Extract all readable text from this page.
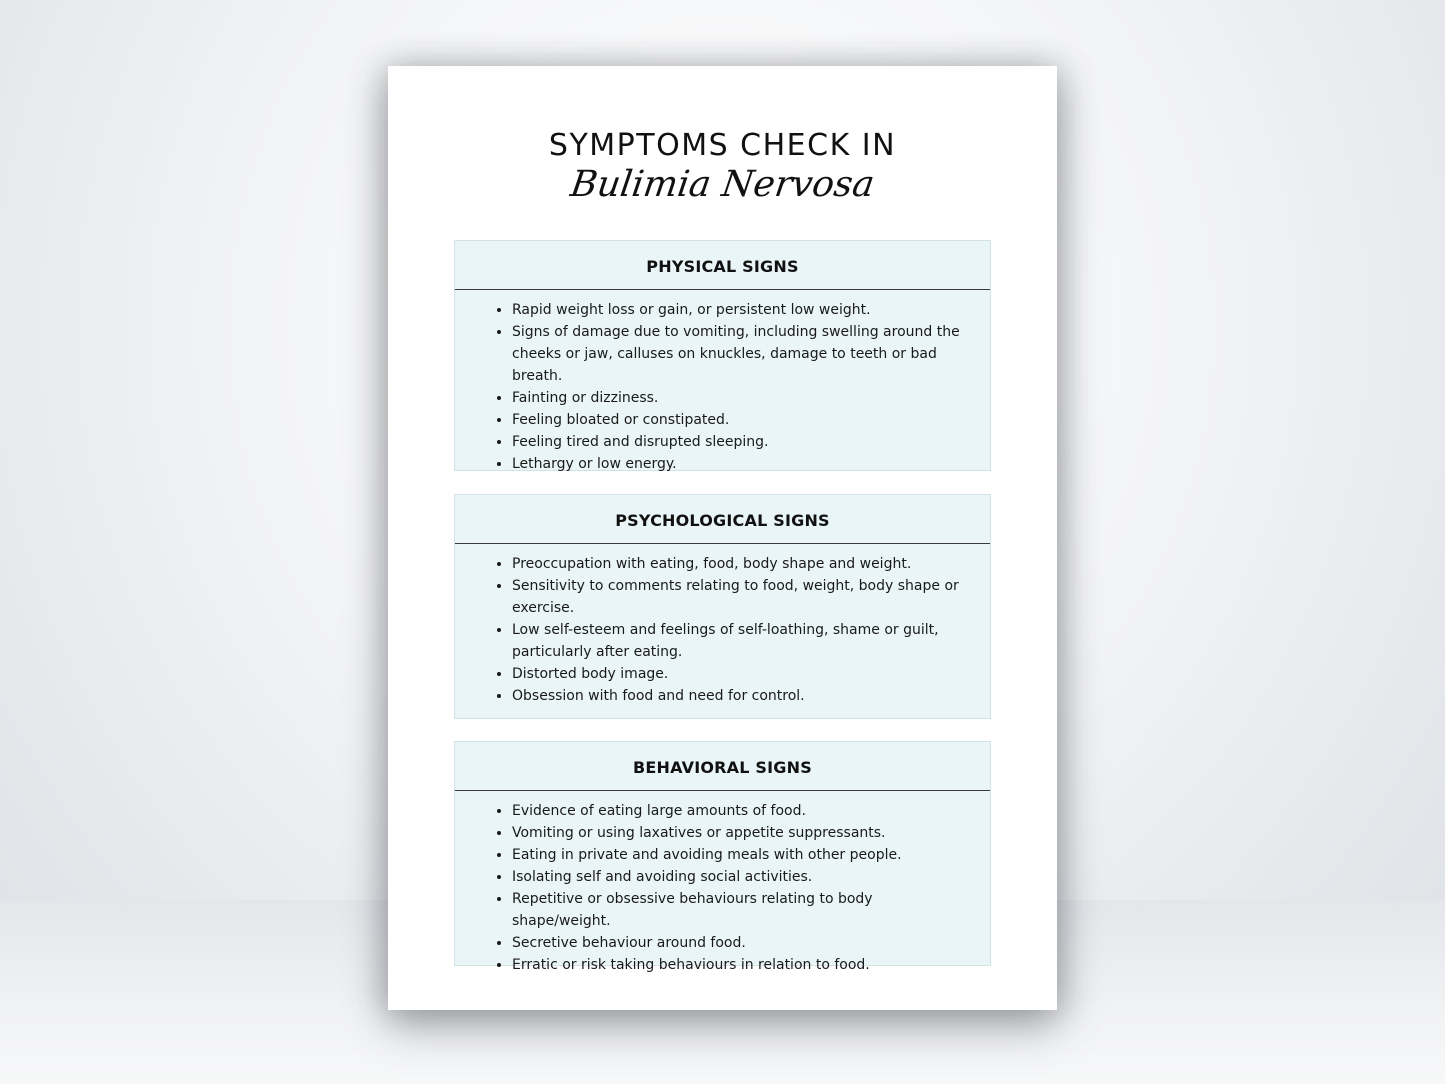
SYMPTOMS CHECK IN
Bulimia Nervosa
PHYSICAL SIGNS
• Rapid weight loss or gain, or persistent low weight.
• Signs of damage due to vomiting, including swelling around the cheeks or jaw, calluses on knuckles, damage to teeth or bad breath.
• Fainting or dizziness.
• Feeling bloated or constipated.
• Feeling tired and disrupted sleeping.
• Lethargy or low energy.
PSYCHOLOGICAL SIGNS
• Preoccupation with eating, food, body shape and weight.
• Sensitivity to comments relating to food, weight, body shape or exercise.
• Low self-esteem and feelings of self-loathing, shame or guilt, particularly after eating.
• Distorted body image.
• Obsession with food and need for control.
BEHAVIORAL SIGNS
• Evidence of eating large amounts of food.
• Vomiting or using laxatives or appetite suppressants.
• Eating in private and avoiding meals with other people.
• Isolating self and avoiding social activities.
• Repetitive or obsessive behaviours relating to body shape/weight.
• Secretive behaviour around food.
• Erratic or risk taking behaviours in relation to food.
